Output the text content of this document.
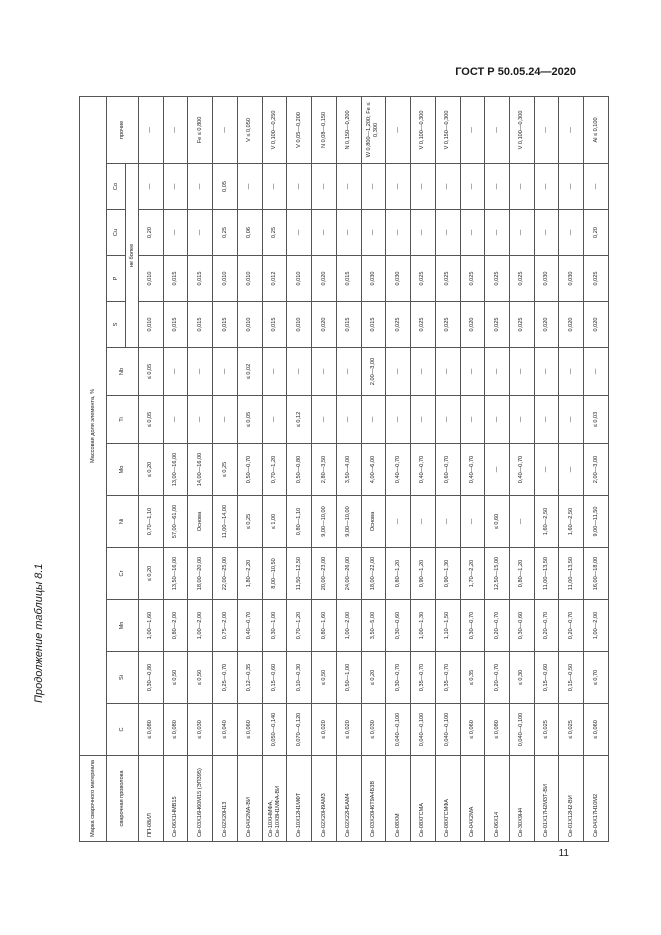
ГОСТ Р 50.05.24—2020
Продолжение таблицы 8.1
Марка сварочного материала	Массовая доля элемента, %												
сварочная проволока	C	Si	Mn	Cr	Ni	Mo	Ti	Nb	S	P	Cu	Co	прочие
									не более				
ПП-08ИЛ	≤ 0,080	0,30—0,80	1,00—1,60	≤ 0,20	0,70—1,10	≤ 0,20	≤ 0,05	≤ 0,05	0,010	0,010	0,20	—	—
Св-06Х1НМВ15	≤ 0,080	≤ 0,50	0,80—2,00	13,50—16,00	57,00—61,00	13,00—16,00	—	—	0,015	0,015	—	—	—
Св-03Х16Н60М15 (ЭП395)	≤ 0,030	≤ 0,50	1,00—2,00	18,00—20,00	Основа	14,00—16,00	—	—	0,015	0,015	—	—	Fe ≤ 0,800
Св-02Х20Н13	≤ 0,040	0,25—0,70	0,75—2,00	22,00—25,00	11,00—14,00	≤ 0,25	—	—	0,015	0,010	0,25	0,05	—
Св-04Х2МА-ВИ	≤ 0,060	0,12—0,35	0,40—0,70	1,80—2,20	≤ 0,25	0,50—0,70	≤ 0,05	≤ 0,02	0,010	0,010	0,06	—	V ≤ 0,050
Св-10ХНМФА, Св-10Х8Н1МФА-ВИ	0,050—0,140	0,15—0,60	0,30—1,00	8,00—10,50	≤ 1,00	0,70—1,20	—	—	0,015	0,012	0,25	—	V 0,100—0,250
Св-10Х12Н1МФТ	0,070—0,120	0,10—0,30	0,70—1,20	11,50—12,50	0,80—1,10	0,50—0,80	≤ 0,12	—	0,010	0,010	—	—	V 0,05—0,200
Св-02Х20Н9АМ3	≤ 0,020	≤ 0,50	0,80—1,60	20,00—23,00	9,00—10,00	2,80—3,50	—	—	0,020	0,020	—	—	N 0,08—0,150
Св-02Х22Н5АМ4	≤ 0,020	0,50—1,00	1,00—2,00	24,00—26,00	9,00—10,00	3,50—4,00	—	—	0,015	0,015	—	—	N 0,150—0,200
Св-03Х20Н6Т9А4Б3В	≤ 0,030	≤ 0,20	3,50—5,00	18,00—22,00	Основа	4,00—6,00	—	2,00—3,00	0,015	0,030	—	—	W 0,800—1,200; Fe ≤ 0,300
Св-08ХМ	0,040—0,100	0,30—0,70	0,30—0,60	0,80—1,20	—	0,40—0,70	—	—	0,025	0,030	—	—	—
Св-08ХГСМА	0,040—0,100	0,35—0,70	1,00—1,30	0,90—1,20	—	0,40—0,70	—	—	0,025	0,025	—	—	V 0,100—0,300
Св-08ХГСМФА	0,040—0,100	0,35—0,70	1,10—1,50	0,90—1,30	—	0,60—0,70	—	—	0,025	0,025	—	—	V 0,150—0,300
Св-04Х2МА	≤ 0,060	≤ 0,35	0,30—0,70	1,70—2,20	—	0,40—0,70	—	—	0,020	0,025	—	—	—
Св-06Х14	≤ 0,080	0,20—0,70	0,20—0,70	12,50—15,00	≤ 0,60	—	—	—	0,025	0,025	—	—	—
Св-30Х9Н4	0,040—0,100	≤ 0,30	0,30—0,60	0,80—1,20	—	0,40—0,70	—	—	0,025	0,025	—	—	V 0,100—0,300
Св-01Х17Н2М3Т-ВИ	≤ 0,025	0,15—0,60	0,20—0,70	11,00—13,50	1,60—2,50	—	—	—	0,020	0,030	—	—	—
Св-01Х12Н2-ВИ	≤ 0,025	0,15—0,50	0,20—0,70	11,00—13,50	1,60—2,50	—	—	—	0,020	0,030	—	—	—
Св-04Х17Н10М2	≤ 0,060	≤ 0,70	1,00—2,00	16,00—18,00	9,00—11,50	2,00—3,00	≤ 0,03	—	0,020	0,025	0,20	—	Al ≤ 0,100
11
